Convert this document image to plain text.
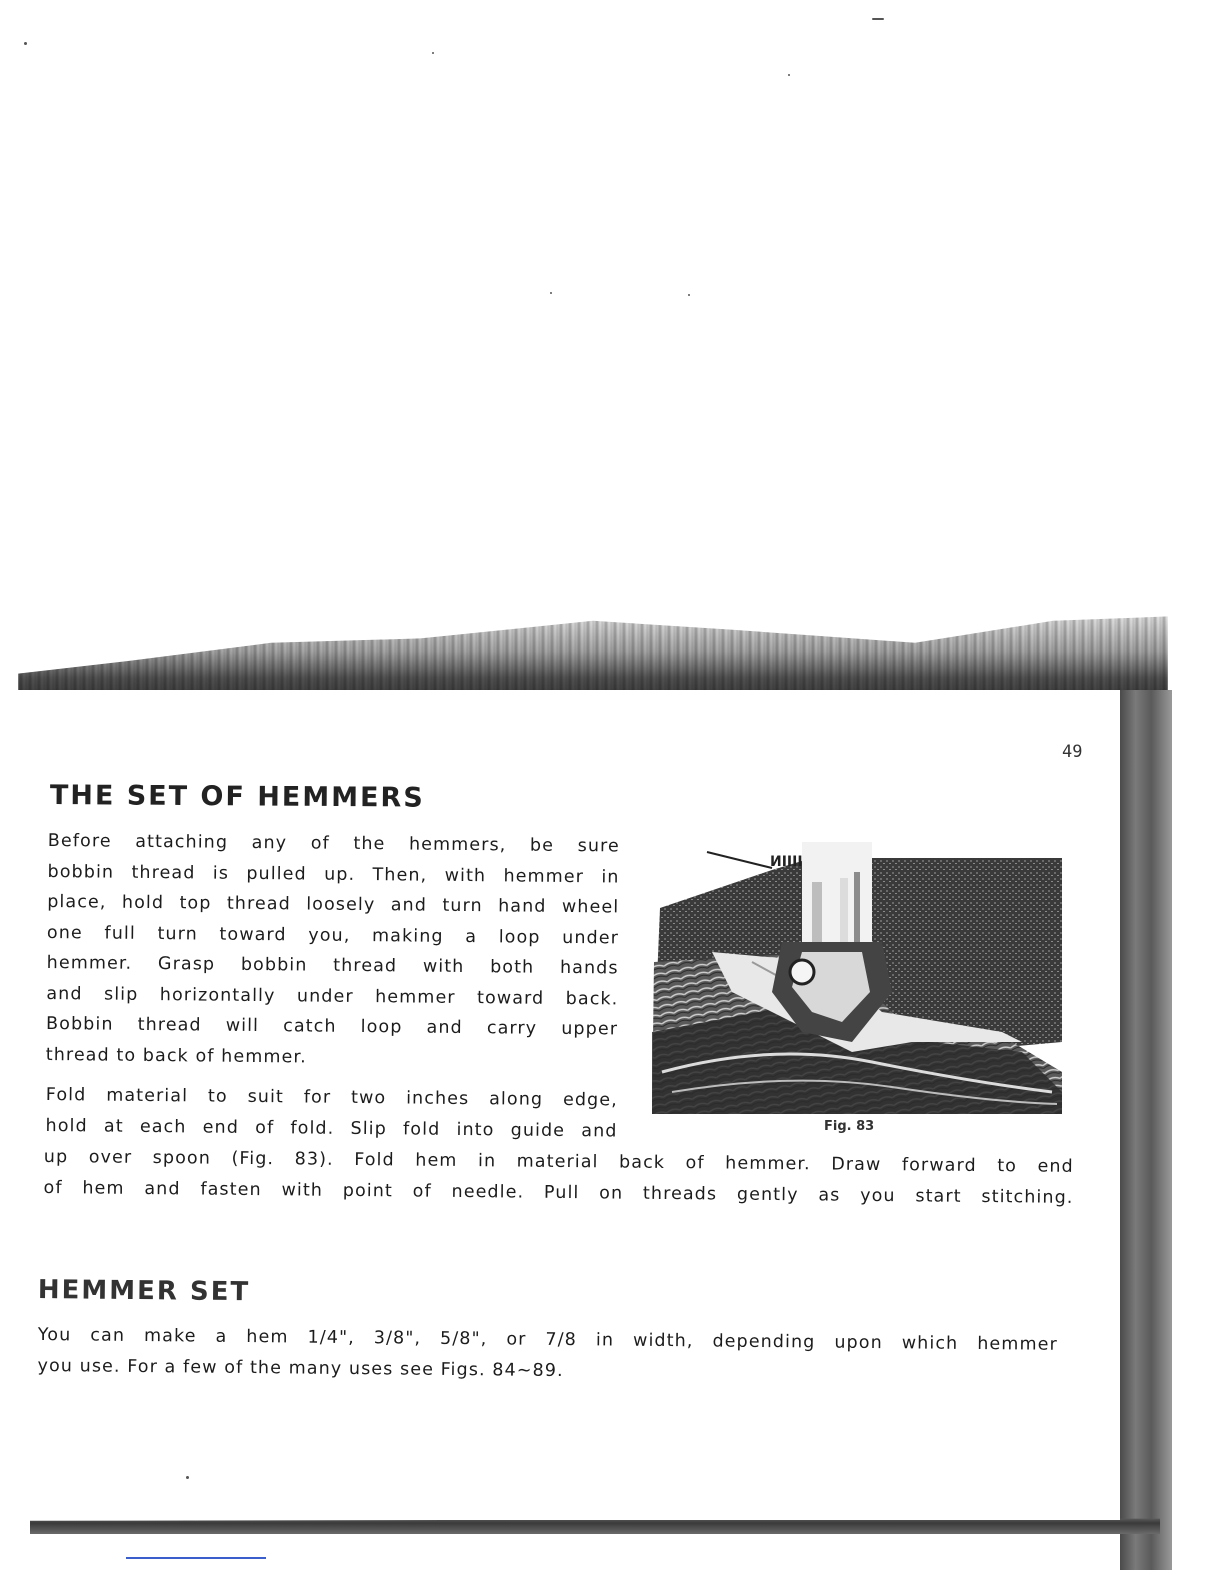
49
THE SET OF HEMMERS
Before attaching any of the hemmers, be sure
bobbin thread is pulled up. Then, with hemmer in
place, hold top thread loosely and turn hand wheel
one full turn toward you, making a loop under
hemmer. Grasp bobbin thread with both hands
and slip horizontally under hemmer toward back.
Bobbin thread will catch loop and carry upper
thread to back of hemmer.
Fold material to suit for two inches along edge,
hold at each end of fold. Slip fold into guide and
up over spoon (Fig. 83). Fold hem in material back of hemmer. Draw forward to end
of hem and fasten with point of needle. Pull on threads gently as you start stitching.
ИIIII
Fig. 83
HEMMER SET
You can make a hem 1/4", 3/8", 5/8", or 7/8 in width, depending upon which hemmer
you use. For a few of the many uses see Figs. 84~89.
